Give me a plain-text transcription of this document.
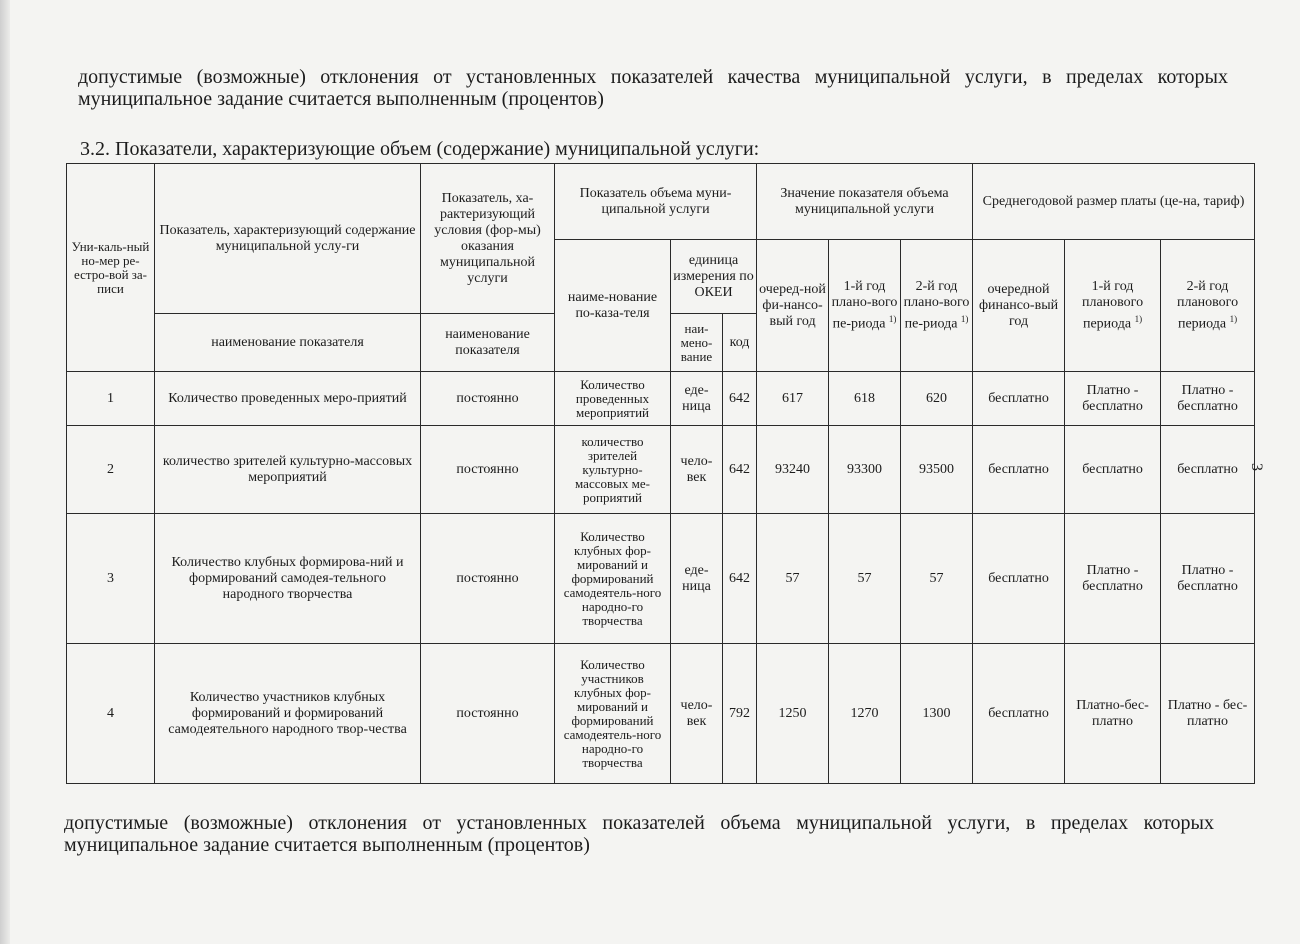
допустимые (возможные) отклонения от установленных показателей качества муниципальной услуги, в пределах которых муниципальное задание считается выполненным (процентов)
3.2. Показатели, характеризующие объем (содержание) муниципальной услуги:
Уни-каль-ный но-мер ре-естро-вой за-писи	Показатель, характеризующий содержание муниципальной услу-ги	Показатель, ха-рактеризующий условия (фор-мы) оказания муниципальной услуги	Показатель объема муни-ципальной услуги			Значение показателя объема муниципальной услуги			Среднегодовой размер платы (це-на, тариф)		
			наиме-нование по-каза-теля	единица измерения по ОКЕИ		очеред-ной фи-нансо-вый год	1-й год плано-вого пе-риода $^{1)}$	2-й год плано-вого пе-риода $^{1)}$	очередной финансо-вый год	1-й год планового периода $^{1)}$	2-й год планового периода $^{1)}$
	наименование показателя	наименование показателя		наи-мено-вание	код						
1	Количество проведенных меро-приятий	постоянно	Количество проведенных мероприятий	еде-ница	642	617	618	620	бесплатно	Платно - бесплатно	Платно - бесплатно
2	количество зрителей культурно-массовых мероприятий	постоянно	количество зрителей культурно-массовых ме-роприятий	чело-век	642	93240	93300	93500	бесплатно	бесплатно	бесплатно
3	Количество клубных формирова-ний и формирований самодея-тельного народного творчества	постоянно	Количество клубных фор-мирований и формирований самодеятель-ного народно-го творчества	еде-ница	642	57	57	57	бесплатно	Платно - бесплатно	Платно - бесплатно
4	Количество участников клубных формирований и формирований самодеятельного народного твор-чества	постоянно	Количество участников клубных фор-мирований и формирований самодеятель-ного народно-го творчества	чело-век	792	1250	1270	1300	бесплатно	Платно-бес-платно	Платно - бес-платно
допустимые (возможные) отклонения от установленных показателей объема муниципальной услуги, в пределах которых муниципальное задание считается выполненным (процентов)
3
